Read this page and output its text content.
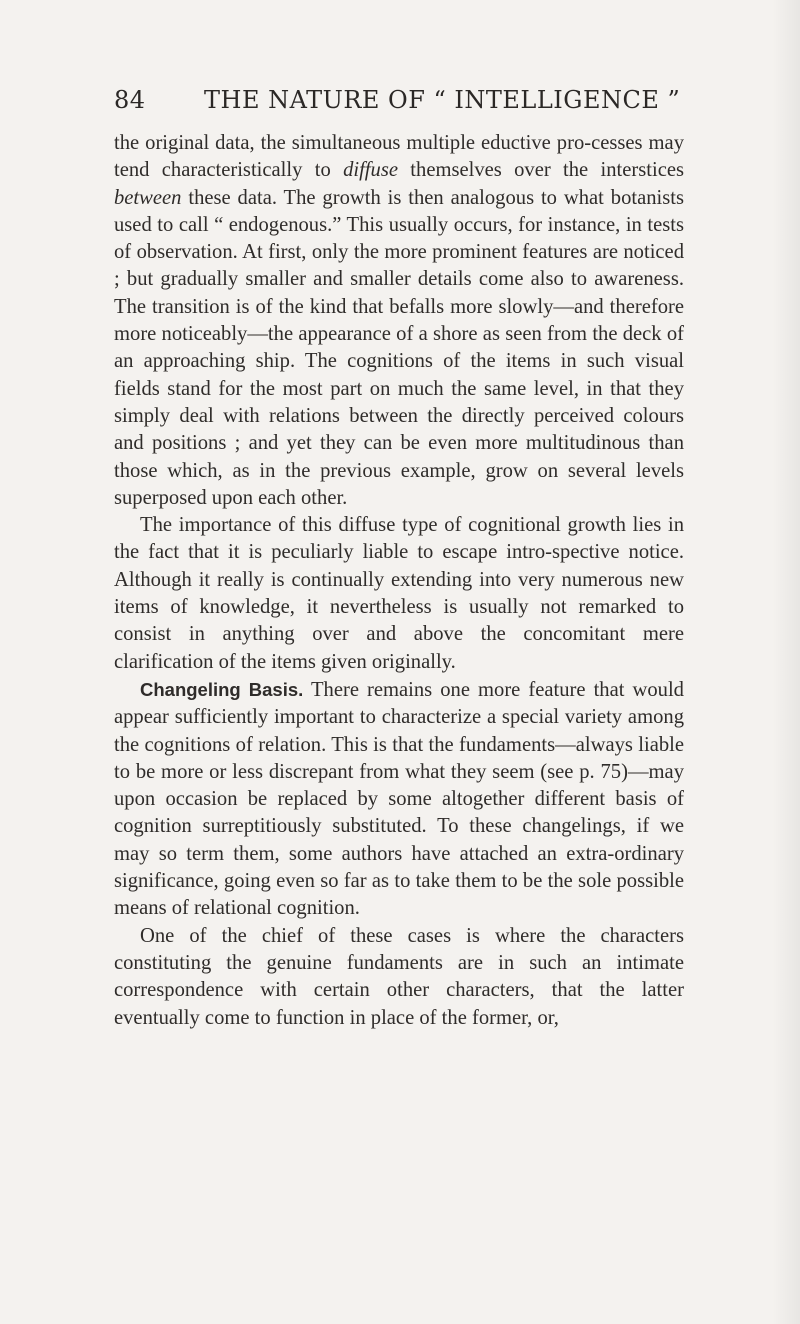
84 THE NATURE OF “ INTELLIGENCE ”

the original data, the simultaneous multiple eductive pro-cesses may tend characteristically to diffuse themselves over the interstices between these data. The growth is then analogous to what botanists used to call “ endogenous.” This usually occurs, for instance, in tests of observation. At first, only the more prominent features are noticed ; but gradually smaller and smaller details come also to awareness. The transition is of the kind that befalls more slowly—and therefore more noticeably—the appearance of a shore as seen from the deck of an approaching ship. The cognitions of the items in such visual fields stand for the most part on much the same level, in that they simply deal with relations between the directly perceived colours and positions ; and yet they can be even more multitudinous than those which, as in the previous example, grow on several levels superposed upon each other.

The importance of this diffuse type of cognitional growth lies in the fact that it is peculiarly liable to escape intro-spective notice. Although it really is continually extending into very numerous new items of knowledge, it nevertheless is usually not remarked to consist in anything over and above the concomitant mere clarification of the items given originally.

Changeling Basis. There remains one more feature that would appear sufficiently important to characterize a special variety among the cognitions of relation. This is that the fundaments—always liable to be more or less discrepant from what they seem (see p. 75)—may upon occasion be replaced by some altogether different basis of cognition surreptitiously substituted. To these changelings, if we may so term them, some authors have attached an extra-ordinary significance, going even so far as to take them to be the sole possible means of relational cognition.

One of the chief of these cases is where the characters constituting the genuine fundaments are in such an intimate correspondence with certain other characters, that the latter eventually come to function in place of the former, or,
